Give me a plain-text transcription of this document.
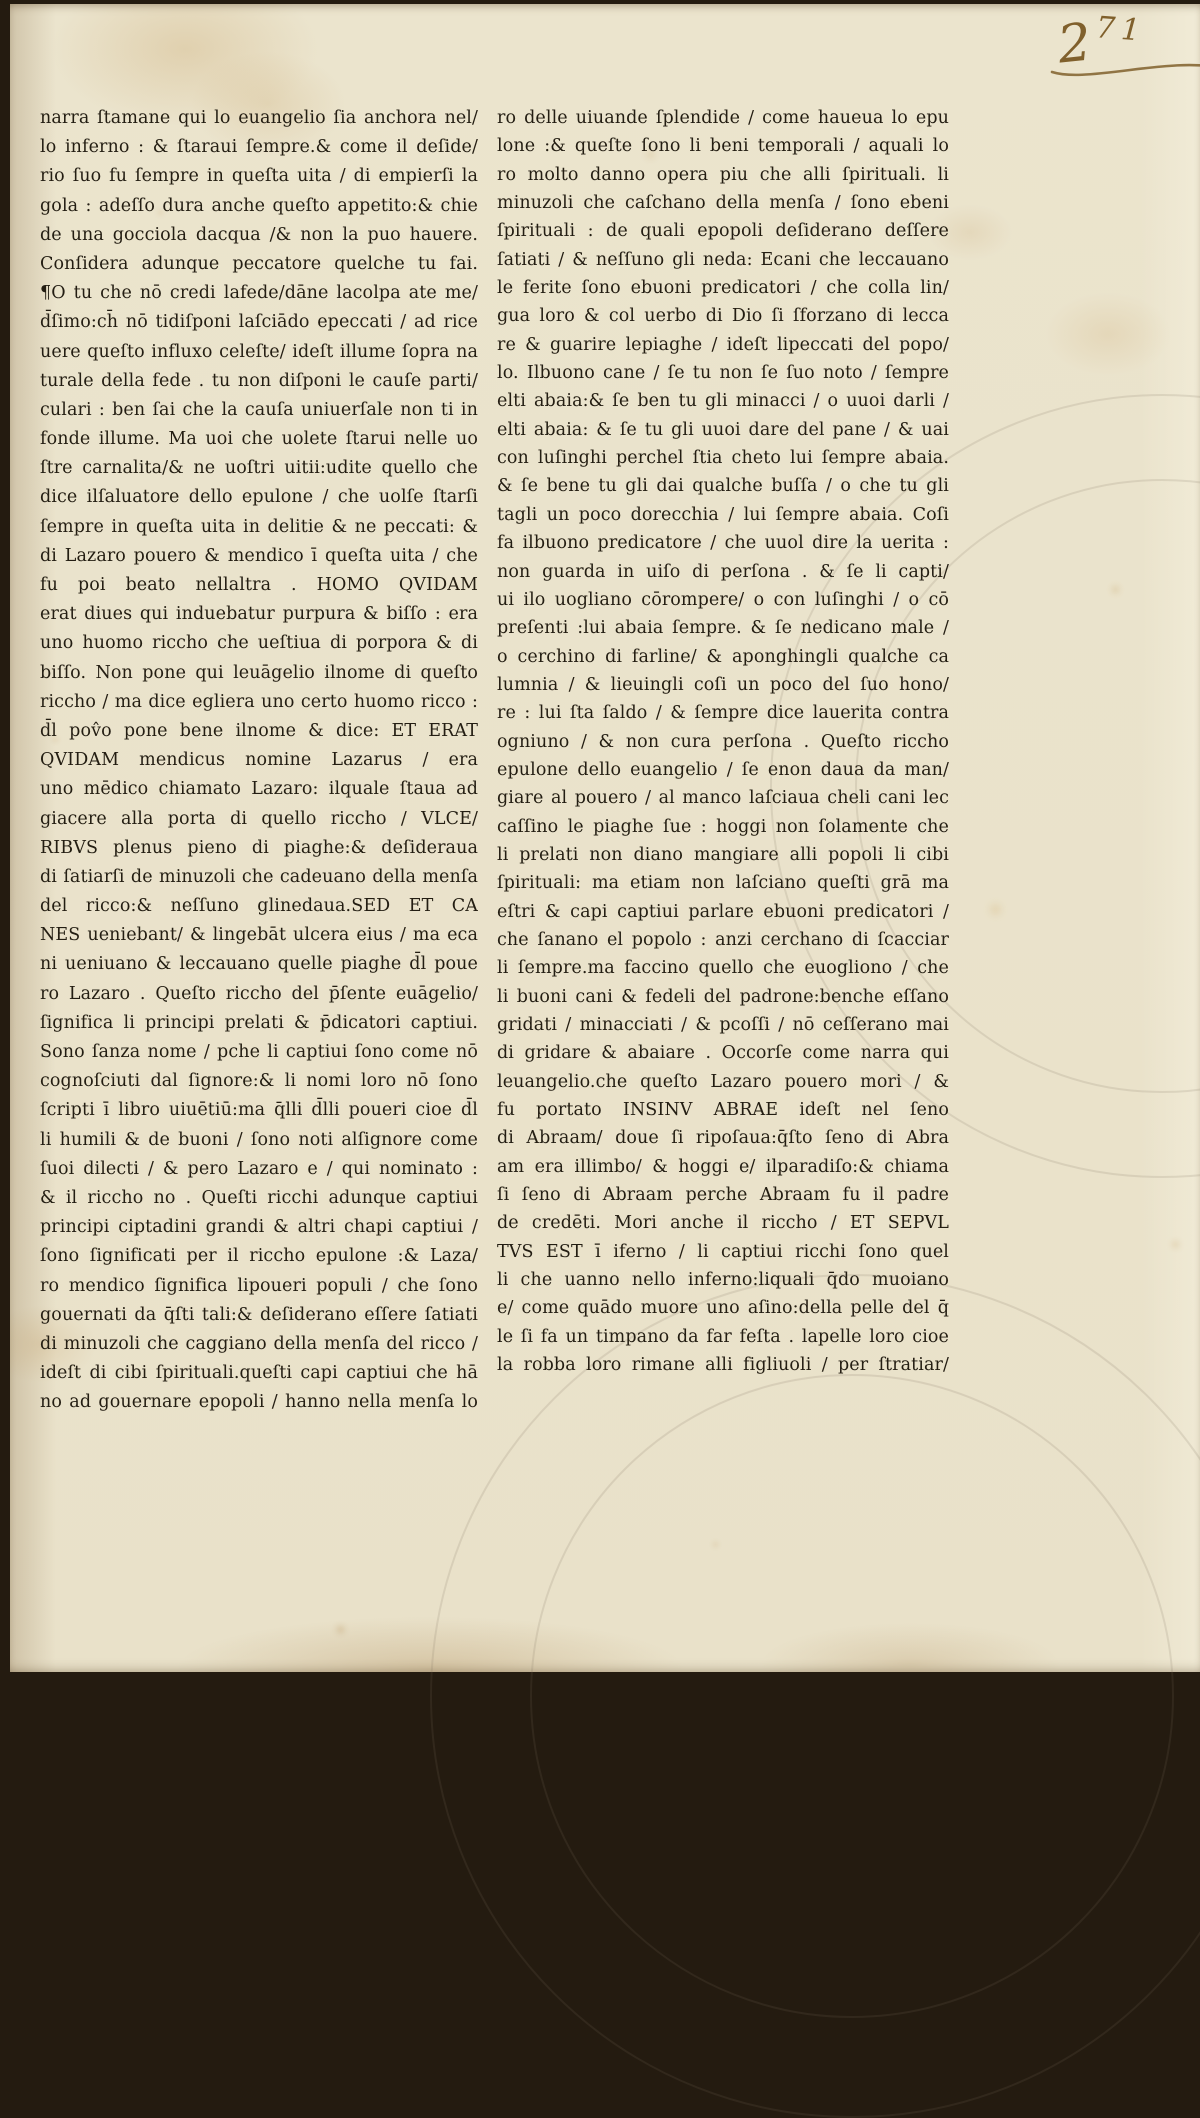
2 71
narra ſtamane qui lo euangelio ſia anchora nel/
lo inferno : & ſtaraui ſempre.& come il deſide/
rio ſuo fu ſempre in queſta uita / di empierſi la
gola : adeſſo dura anche queſto appetito:& chie
de una gocciola dacqua /& non la puo hauere.
Conſidera adunque peccatore quelche tu fai.
¶O tu che nō credi lafede/dāne lacolpa ate me/
d̄ſimo:ch̄ nō tidiſponi laſciādo epeccati / ad rice
uere queſto influxo celeſte/ ideſt illume ſopra na
turale della fede . tu non diſponi le cauſe parti/
culari : ben ſai che la cauſa uniuerſale non ti in
fonde illume. Ma uoi che uolete ſtarui nelle uo
ſtre carnalita/& ne uoſtri uitii:udite quello che
dice ilſaluatore dello epulone / che uolſe ſtarſi
ſempre in queſta uita in delitie & ne peccati: &
di Lazaro pouero & mendico ī queſta uita / che
fu poi beato nellaltra . HOMO QVIDAM
erat diues qui induebatur purpura & biſſo : era
uno huomo riccho che ueſtiua di porpora & di
biſſo. Non pone qui leuāgelio ilnome di queſto
riccho / ma dice egliera uno certo huomo ricco :
d̄l pov̂o pone bene ilnome & dice: ET ERAT
QVIDAM mendicus nomine Lazarus / era
uno mēdico chiamato Lazaro: ilquale ſtaua ad
giacere alla porta di quello riccho / VLCE/
RIBVS plenus pieno di piaghe:& deſideraua
di ſatiarſi de minuzoli che cadeuano della menſa
del ricco:& neſſuno glinedaua.SED ET CA
NES ueniebant/ & lingebāt ulcera eius / ma eca
ni ueniuano & leccauano quelle piaghe d̄l poue
ro Lazaro . Queſto riccho del p̄ſente euāgelio/
ſignifica li principi prelati & p̄dicatori captiui.
Sono ſanza nome / pche li captiui ſono come nō
cognoſciuti dal ſignore:& li nomi loro nō ſono
ſcripti ī libro uiuētiū:ma q̄lli d̄lli poueri cioe d̄l
li humili & de buoni / ſono noti alſignore come
ſuoi dilecti / & pero Lazaro e / qui nominato :
& il riccho no . Queſti ricchi adunque captiui
principi ciptadini grandi & altri chapi captiui /
ſono ſignificati per il riccho epulone :& Laza/
ro mendico ſignifica lipoueri populi / che ſono
gouernati da q̄ſti tali:& deſiderano eſſere ſatiati
di minuzoli che caggiano della menſa del ricco /
ideſt di cibi ſpirituali.queſti capi captiui che hā
no ad gouernare epopoli / hanno nella menſa lo
ro delle uiuande ſplendide / come haueua lo epu
lone :& queſte ſono li beni temporali / aquali lo
ro molto danno opera piu che alli ſpirituali. li
minuzoli che caſchano della menſa / ſono ebeni
ſpirituali : de quali epopoli deſiderano deſſere
ſatiati / & neſſuno gli neda: Ecani che leccauano
le ferite ſono ebuoni predicatori / che colla lin/
gua loro & col uerbo di Dio ſi ſforzano di lecca
re & guarire lepiaghe / ideſt lipeccati del popo/
lo. Ilbuono cane / ſe tu non ſe ſuo noto / ſempre
elti abaia:& ſe ben tu gli minacci / o uuoi darli /
elti abaia: & ſe tu gli uuoi dare del pane / & uai
con luſinghi perchel ſtia cheto lui ſempre abaia.
& ſe bene tu gli dai qualche buſſa / o che tu gli
tagli un poco dorecchia / lui ſempre abaia. Coſi
fa ilbuono predicatore / che uuol dire la uerita :
non guarda in uiſo di perſona . & ſe li capti/
ui ilo uogliano cōrompere/ o con luſinghi / o cō
preſenti :lui abaia ſempre. & ſe nedicano male /
o cerchino di farline/ & aponghingli qualche ca
lumnia / & lieuingli coſi un poco del ſuo hono/
re : lui ſta ſaldo / & ſempre dice lauerita contra
ogniuno / & non cura perſona . Queſto riccho
epulone dello euangelio / ſe enon daua da man/
giare al pouero / al manco laſciaua cheli cani lec
caſſino le piaghe ſue : hoggi non ſolamente che
li prelati non diano mangiare alli popoli li cibi
ſpirituali: ma etiam non laſciano queſti grā ma
eſtri & capi captiui parlare ebuoni predicatori /
che ſanano el popolo : anzi cerchano di ſcacciar
li ſempre.ma faccino quello che euogliono / che
li buoni cani & fedeli del padrone:benche eſſano
gridati / minacciati / & pcoſſi / nō ceſſerano mai
di gridare & abaiare . Occorſe come narra qui
leuangelio.che queſto Lazaro pouero mori / &
fu portato INSINV ABRAE ideſt nel ſeno
di Abraam/ doue ſi ripoſaua:q̄ſto ſeno di Abra
am era illimbo/ & hoggi e/ ilparadiſo:& chiama
ſi ſeno di Abraam perche Abraam fu il padre
de credēti. Mori anche il riccho / ET SEPVL
TVS EST ī iferno / li captiui ricchi ſono quel
li che uanno nello inferno:liquali q̄do muoiano
e/ come quādo muore uno aſino:della pelle del q̄
le ſi fa un timpano da far feſta . lapelle loro cioe
la robba loro rimane alli figliuoli / per ſtratiar/
